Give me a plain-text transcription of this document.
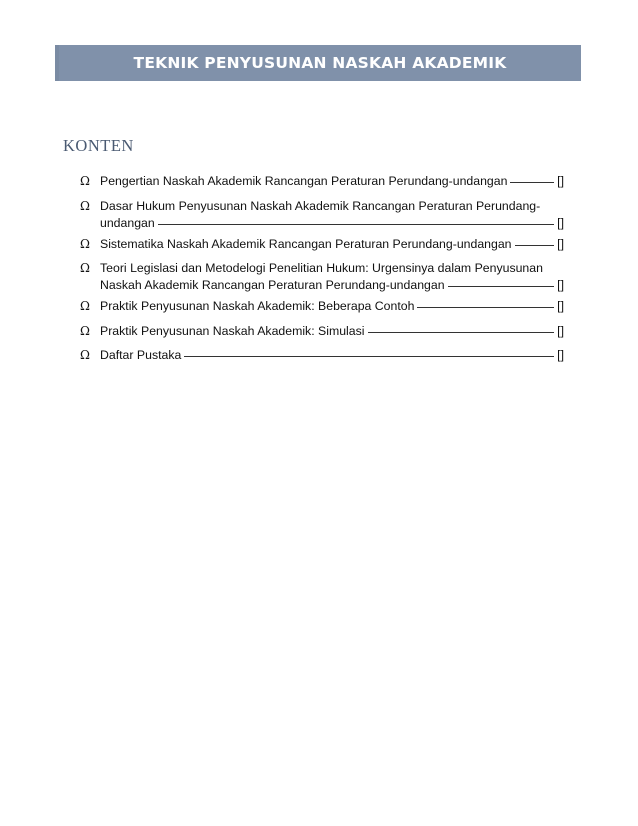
TEKNIK PENYUSUNAN NASKAH AKADEMIK
KONTEN
Ω Pengertian Naskah Akademik Rancangan Peraturan Perundang-undangan	[]
Ω Dasar Hukum Penyusunan Naskah Akademik Rancangan Peraturan Perundang-
undangan	[]
Ω Sistematika Naskah Akademik Rancangan Peraturan Perundang-undangan	[]
Ω Teori Legislasi dan Metodelogi Penelitian Hukum: Urgensinya dalam Penyusunan
Naskah Akademik Rancangan Peraturan Perundang-undangan	[]
Ω Praktik Penyusunan Naskah Akademik: Beberapa Contoh	[]
Ω Praktik Penyusunan Naskah Akademik: Simulasi	[]
Ω Daftar Pustaka	[]
